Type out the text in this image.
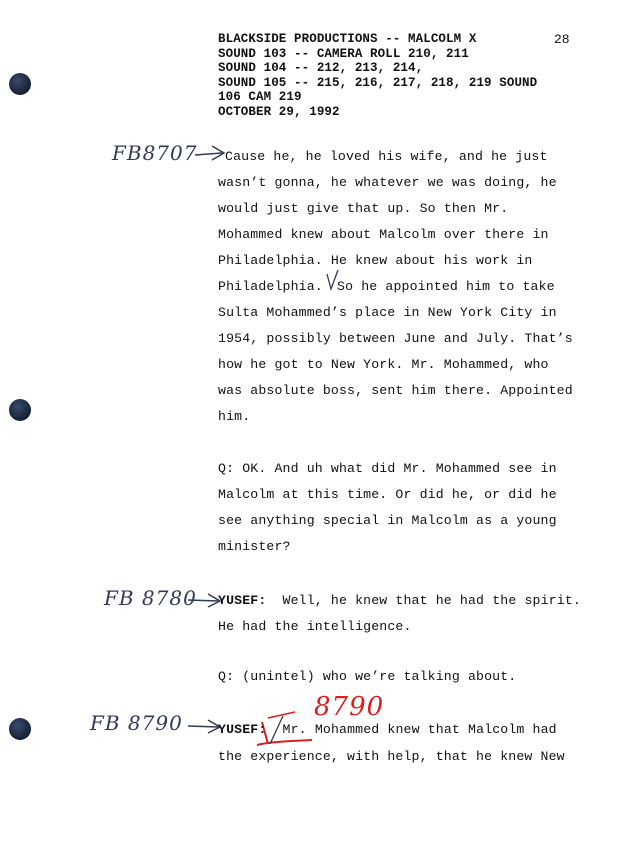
BLACKSIDE PRODUCTIONS -- MALCOLM X
SOUND 103 -- CAMERA ROLL 210, 211
SOUND 104 -- 212, 213, 214,
SOUND 105 -- 215, 216, 217, 218, 219 SOUND
106 CAM 219
OCTOBER 29, 1992
28
FB8707
FB 8780
FB 8790
8790
Cause he, he loved his wife, and he just
wasn’t gonna, he whatever we was doing, he
would just give that up. So then Mr.
Mohammed knew about Malcolm over there in
Philadelphia. He knew about his work in
Philadelphia. So he appointed him to take
Sulta Mohammed’s place in New York City in
1954, possibly between June and July. That’s
how he got to New York. Mr. Mohammed, who
was absolute boss, sent him there. Appointed
him.
Q: OK. And uh what did Mr. Mohammed see in
Malcolm at this time. Or did he, or did he
see anything special in Malcolm as a young
minister?
YUSEF: Well, he knew that he had the spirit.
He had the intelligence.
Q: (unintel) who we’re talking about.
YUSEF: Mr. Mohammed knew that Malcolm had
the experience, with help, that he knew New
